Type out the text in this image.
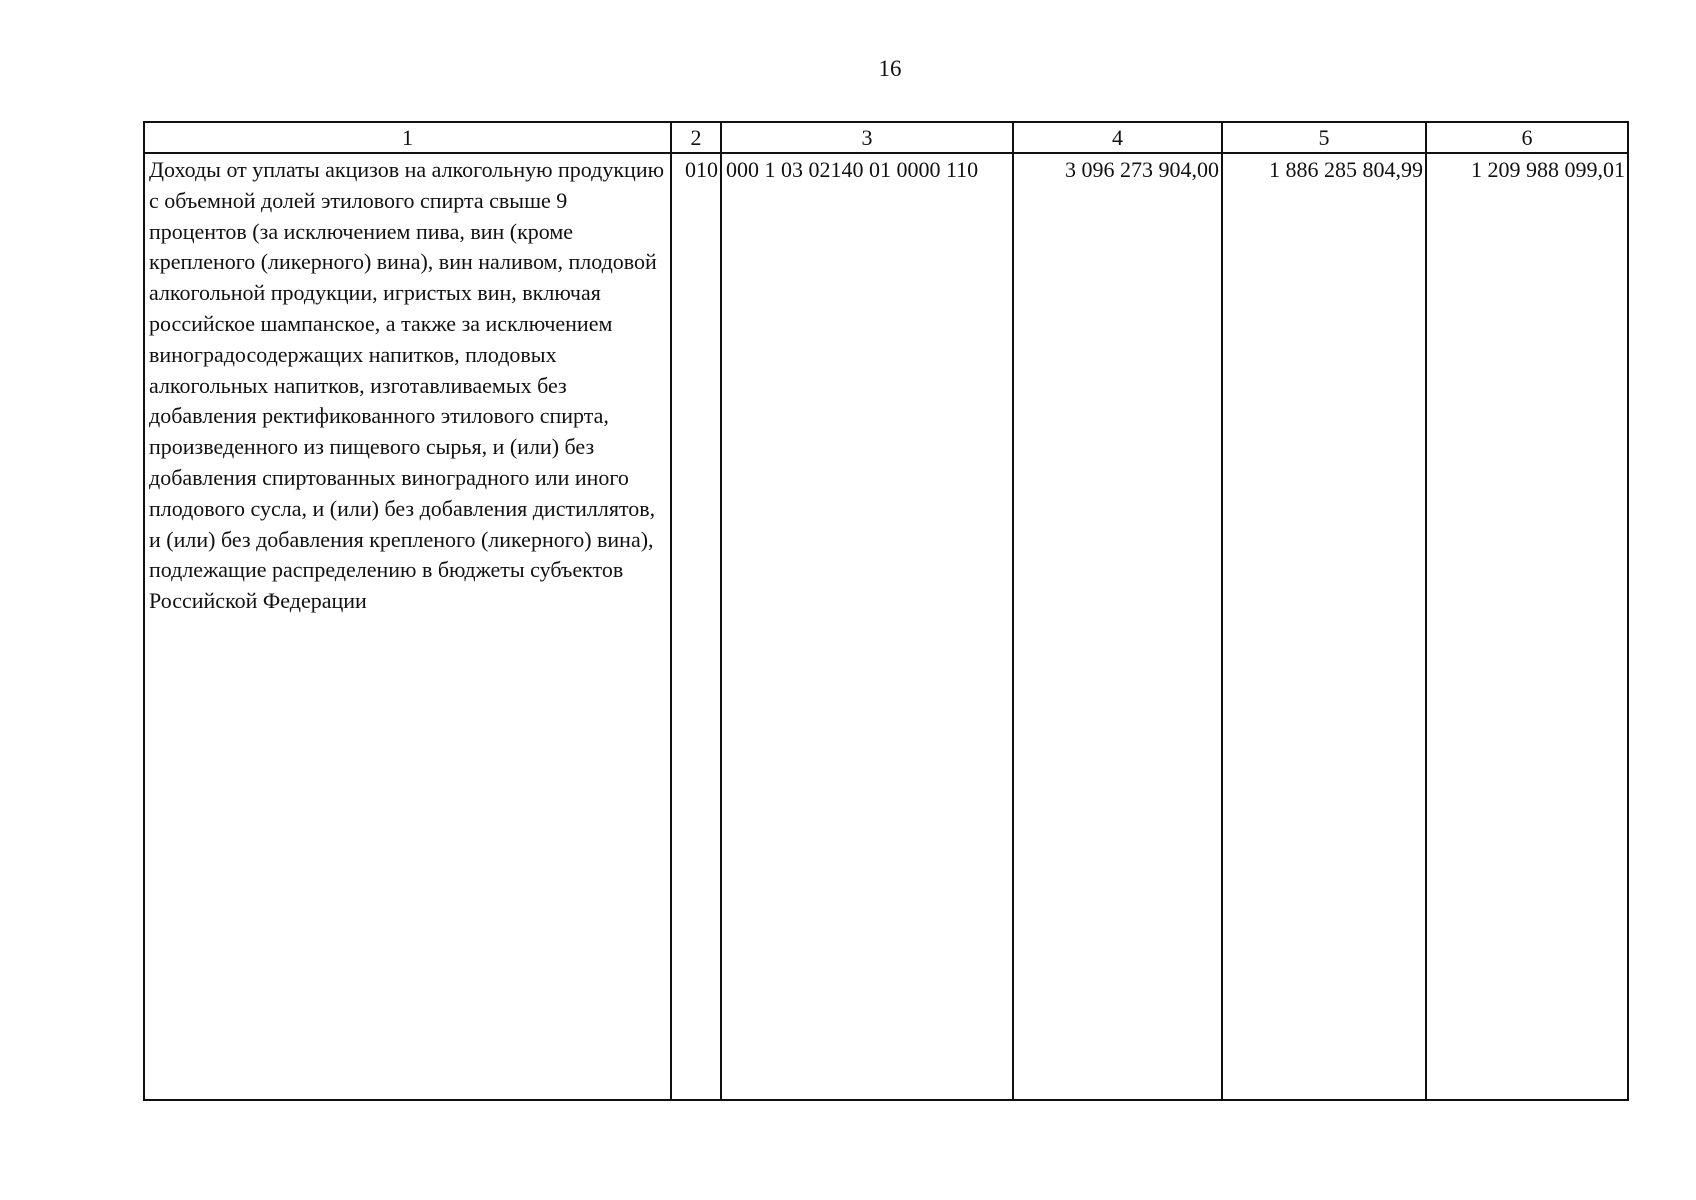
16
1	2	3	4	5	6
Доходы от уплаты акцизов на алкогольную продукцию с объемной долей этилового спирта свыше 9 процентов (за исключением пива, вин (кроме крепленого (ликерного) вина), вин наливом, плодовой алкогольной продукции, игристых вин, включая российское шампанское, а также за исключением виноградосодержащих напитков, плодовых алкогольных напитков, изготавливаемых без добавления ректификованного этилового спирта, произведенного из пищевого сырья, и (или) без добавления спиртованных виноградного или иного плодового сусла, и (или) без добавления дистиллятов, и (или) без добавления крепленого (ликерного) вина), подлежащие распределению в бюджеты субъектов Российской Федерации	010	000 1 03 02140 01 0000 110	3 096 273 904,00	1 886 285 804,99	1 209 988 099,01
